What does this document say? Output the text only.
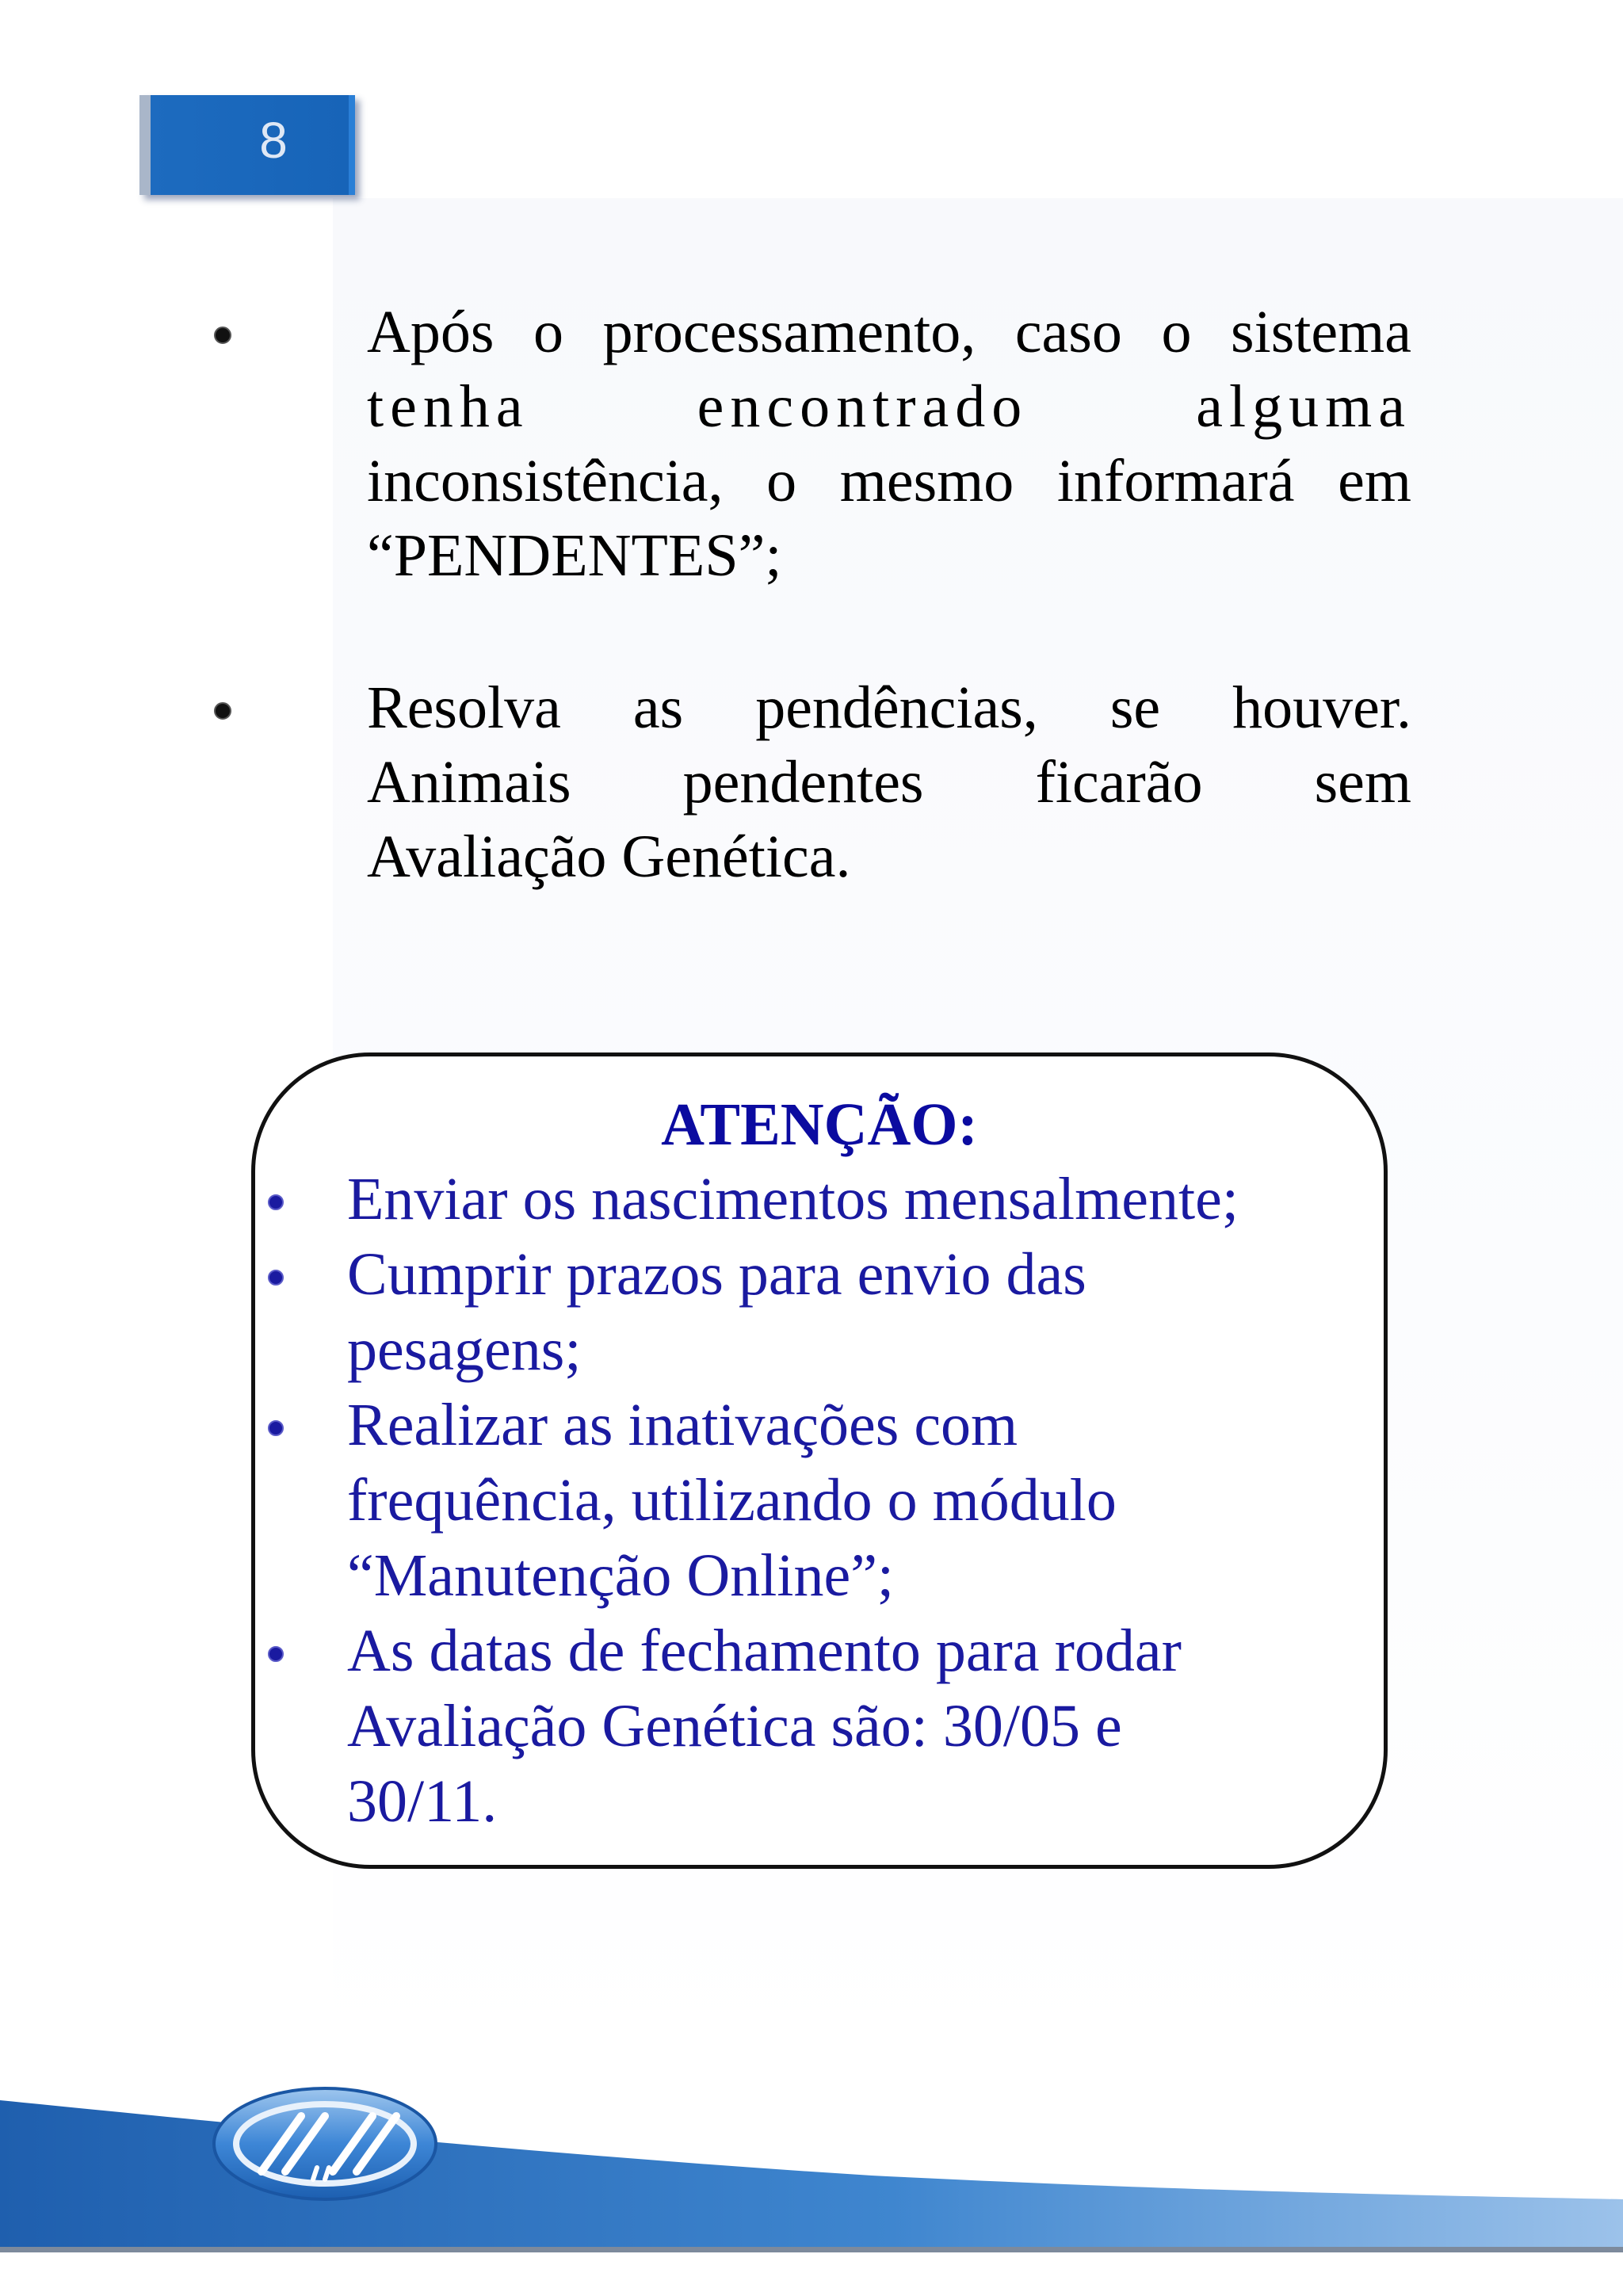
8
Após o processamento, caso o sistema
tenha encontrado alguma
inconsistência, o mesmo informará em
“PENDENTES”;
Resolva as pendências, se houver.
Animais pendentes ficarão sem
Avaliação Genética.
ATENÇÃO:
Enviar os nascimentos mensalmente;
Cumprir prazos para envio das
pesagens;
Realizar as inativações com
frequência, utilizando o módulo
“Manutenção Online”;
As datas de fechamento para rodar
Avaliação Genética são: 30/05 e
30/11.
